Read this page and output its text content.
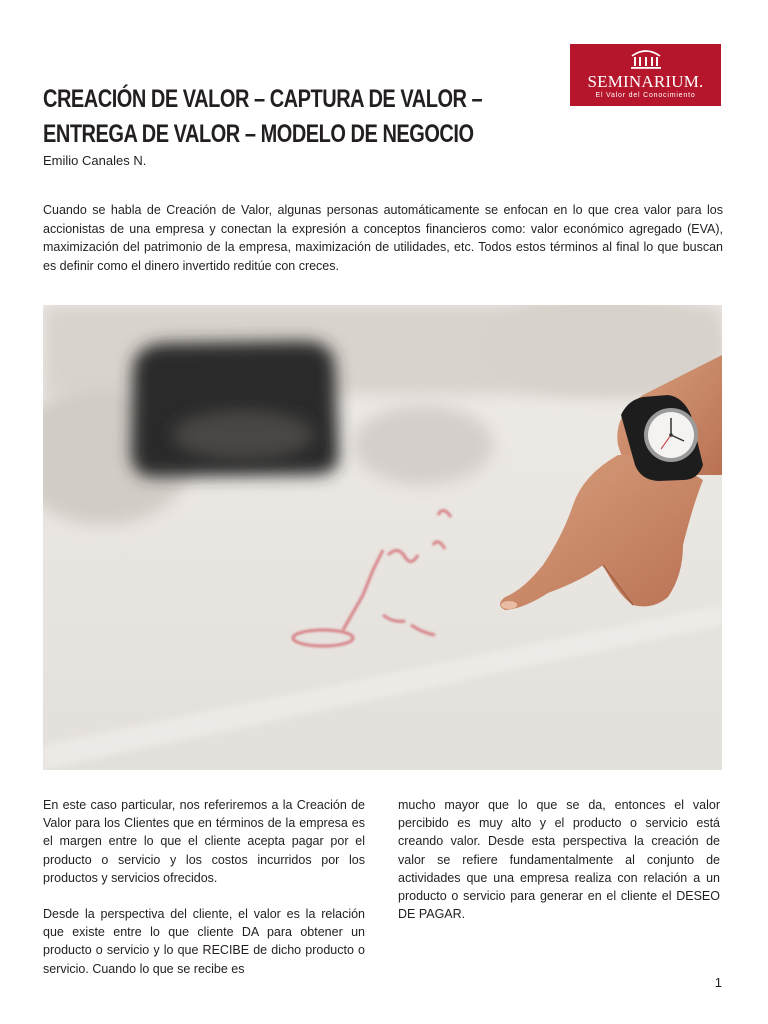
CREACIÓN DE VALOR – CAPTURA DE VALOR –
ENTREGA DE VALOR – MODELO DE NEGOCIO
Emilio Canales N.
SEMINARIUM.
El Valor del Conocimiento
Cuando se habla de Creación de Valor, algunas personas automáticamente se enfocan en lo que crea valor para los accionistas de una empresa y conectan la expresión a conceptos financieros como: valor económico agregado (EVA), maximización del patrimonio de la empresa, maximización de utilidades, etc. Todos estos términos al final lo que buscan es definir como el dinero invertido reditúe con creces.

En este caso particular, nos referiremos a la Creación de Valor para los Clientes que en términos de la empresa es el margen entre lo que el cliente acepta pagar por el producto o servicio y los costos incurridos por los productos y servicios ofrecidos.

Desde la perspectiva del cliente, el valor es la relación que existe entre lo que cliente DA para obtener un producto o servicio y lo que RECIBE de dicho producto o servicio. Cuando lo que se recibe es

mucho mayor que lo que se da, entonces el valor percibido es muy alto y el producto o servicio está creando valor. Desde esta perspectiva la creación de valor se refiere fundamentalmente al conjunto de actividades que una empresa realiza con relación a un producto o servicio para generar en el cliente el DESEO DE PAGAR.

1
